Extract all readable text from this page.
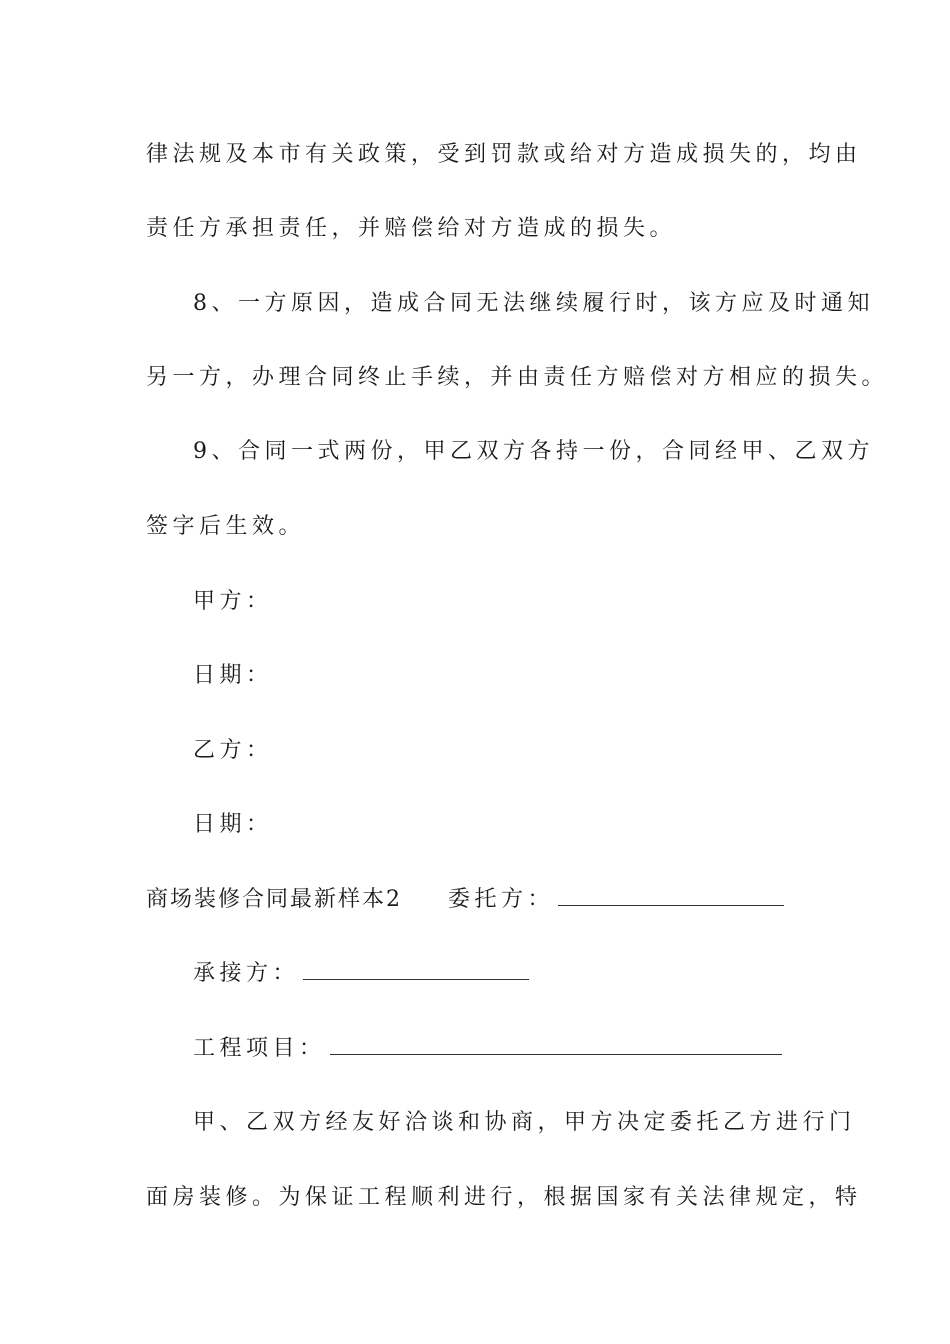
律法规及本市有关政策，受到罚款或给对方造成损失的，均由
责任方承担责任，并赔偿给对方造成的损失。
8、一方原因，造成合同无法继续履行时，该方应及时通知
另一方，办理合同终止手续，并由责任方赔偿对方相应的损失。
9、合同一式两份，甲乙双方各持一份，合同经甲、乙双方
签字后生效。
甲方：
日期：
乙方：
日期：
商场装修合同最新样本2 委托方：
承接方：
工程项目：
甲、乙双方经友好洽谈和协商，甲方决定委托乙方进行门
面房装修。为保证工程顺利进行，根据国家有关法律规定，特
